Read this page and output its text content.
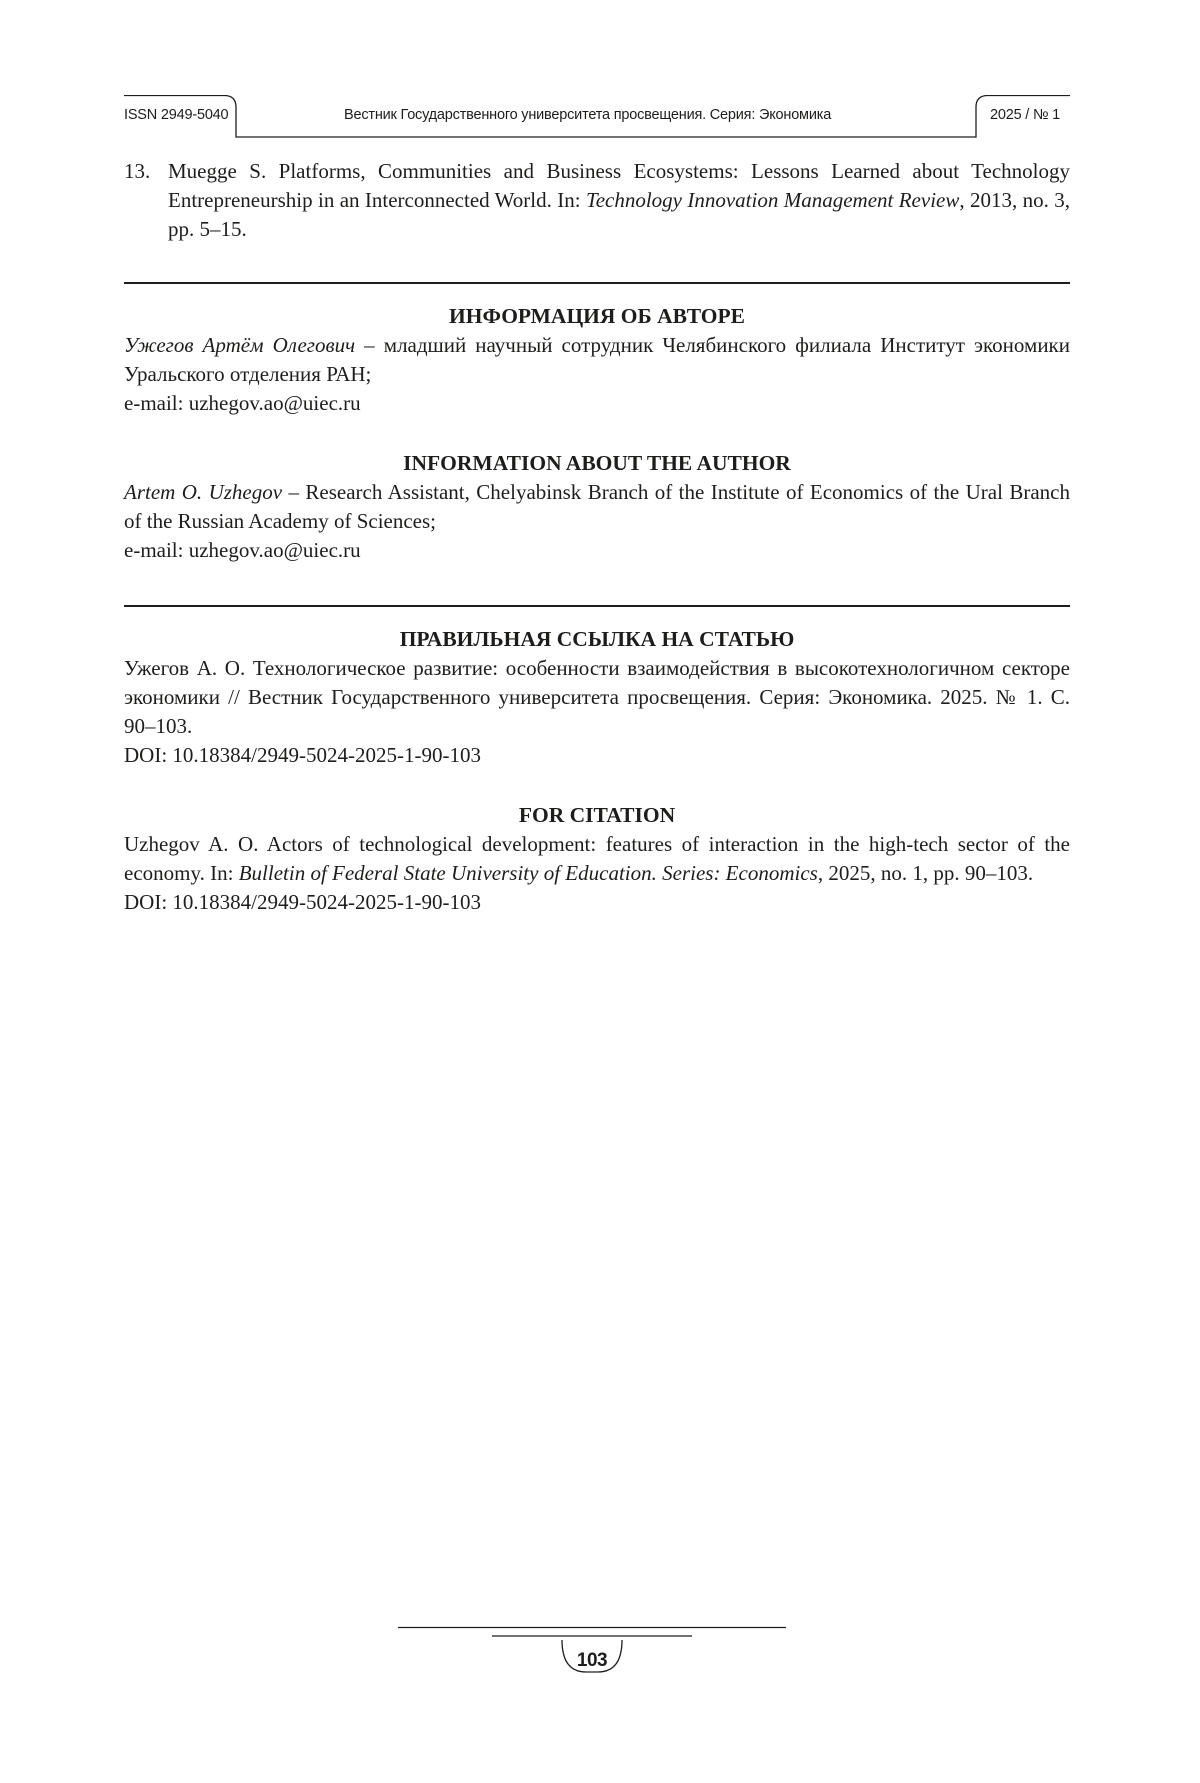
ISSN 2949-5040	Вестник Государственного университета просвещения. Серия: Экономика	2025 / № 1
13. Muegge S. Platforms, Communities and Business Ecosystems: Lessons Learned about Technology Entrepreneurship in an Interconnected World. In: Technology Innovation Management Review, 2013, no. 3, pp. 5–15.
ИНФОРМАЦИЯ ОБ АВТОРЕ
Ужегов Артём Олегович – младший научный сотрудник Челябинского филиала Институт экономики Уральского отделения РАН;
e-mail: uzhegov.ao@uiec.ru
INFORMATION ABOUT THE AUTHOR
Artem O. Uzhegov – Research Assistant, Chelyabinsk Branch of the Institute of Economics of the Ural Branch of the Russian Academy of Sciences;
e-mail: uzhegov.ao@uiec.ru
ПРАВИЛЬНАЯ ССЫЛКА НА СТАТЬЮ
Ужегов А. О. Технологическое развитие: особенности взаимодействия в высокотехнологичном секторе экономики // Вестник Государственного университета просвещения. Серия: Экономика. 2025. № 1. С. 90–103.
DOI: 10.18384/2949-5024-2025-1-90-103
FOR CITATION
Uzhegov A. O. Actors of technological development: features of interaction in the high-tech sector of the economy. In: Bulletin of Federal State University of Education. Series: Economics, 2025, no. 1, pp. 90–103.
DOI: 10.18384/2949-5024-2025-1-90-103
103
